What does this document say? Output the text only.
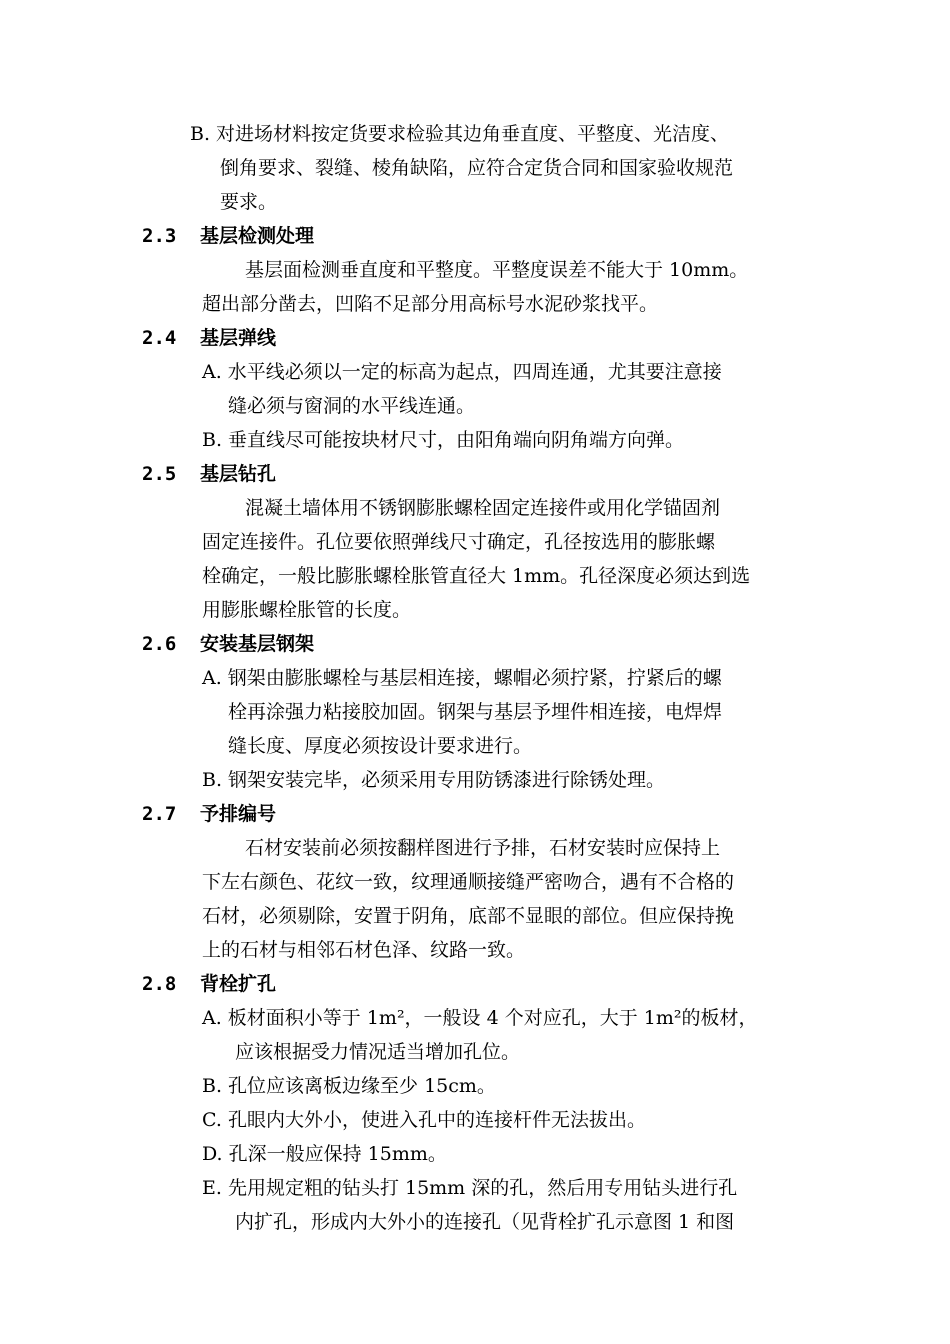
B. 对进场材料按定货要求检验其边角垂直度、平整度、光洁度、
倒角要求、裂缝、棱角缺陷，应符合定货合同和国家验收规范
要求。
2.3 基层检测处理
基层面检测垂直度和平整度。平整度误差不能大于 10mm。
超出部分凿去，凹陷不足部分用高标号水泥砂浆找平。
2.4 基层弹线
A. 水平线必须以一定的标高为起点，四周连通，尤其要注意接
缝必须与窗洞的水平线连通。
B. 垂直线尽可能按块材尺寸，由阳角端向阴角端方向弹。
2.5 基层钻孔
混凝土墙体用不锈钢膨胀螺栓固定连接件或用化学锚固剂
固定连接件。孔位要依照弹线尺寸确定，孔径按选用的膨胀螺
栓确定，一般比膨胀螺栓胀管直径大 1mm。孔径深度必须达到选
用膨胀螺栓胀管的长度。
2.6 安装基层钢架
A. 钢架由膨胀螺栓与基层相连接，螺帽必须拧紧，拧紧后的螺
栓再涂强力粘接胶加固。钢架与基层予埋件相连接，电焊焊
缝长度、厚度必须按设计要求进行。
B. 钢架安装完毕，必须采用专用防锈漆进行除锈处理。
2.7 予排编号
石材安装前必须按翻样图进行予排，石材安装时应保持上
下左右颜色、花纹一致，纹理通顺接缝严密吻合，遇有不合格的
石材，必须剔除，安置于阴角，底部不显眼的部位。但应保持挽
上的石材与相邻石材色泽、纹路一致。
2.8 背栓扩孔
A. 板材面积小等于 1m²，一般设 4 个对应孔，大于 1m²的板材，
应该根据受力情况适当增加孔位。
B. 孔位应该离板边缘至少 15cm。
C. 孔眼内大外小，使进入孔中的连接杆件无法拔出。
D. 孔深一般应保持 15mm。
E. 先用规定粗的钻头打 15mm 深的孔，然后用专用钻头进行孔
内扩孔，形成内大外小的连接孔（见背栓扩孔示意图 1 和图
